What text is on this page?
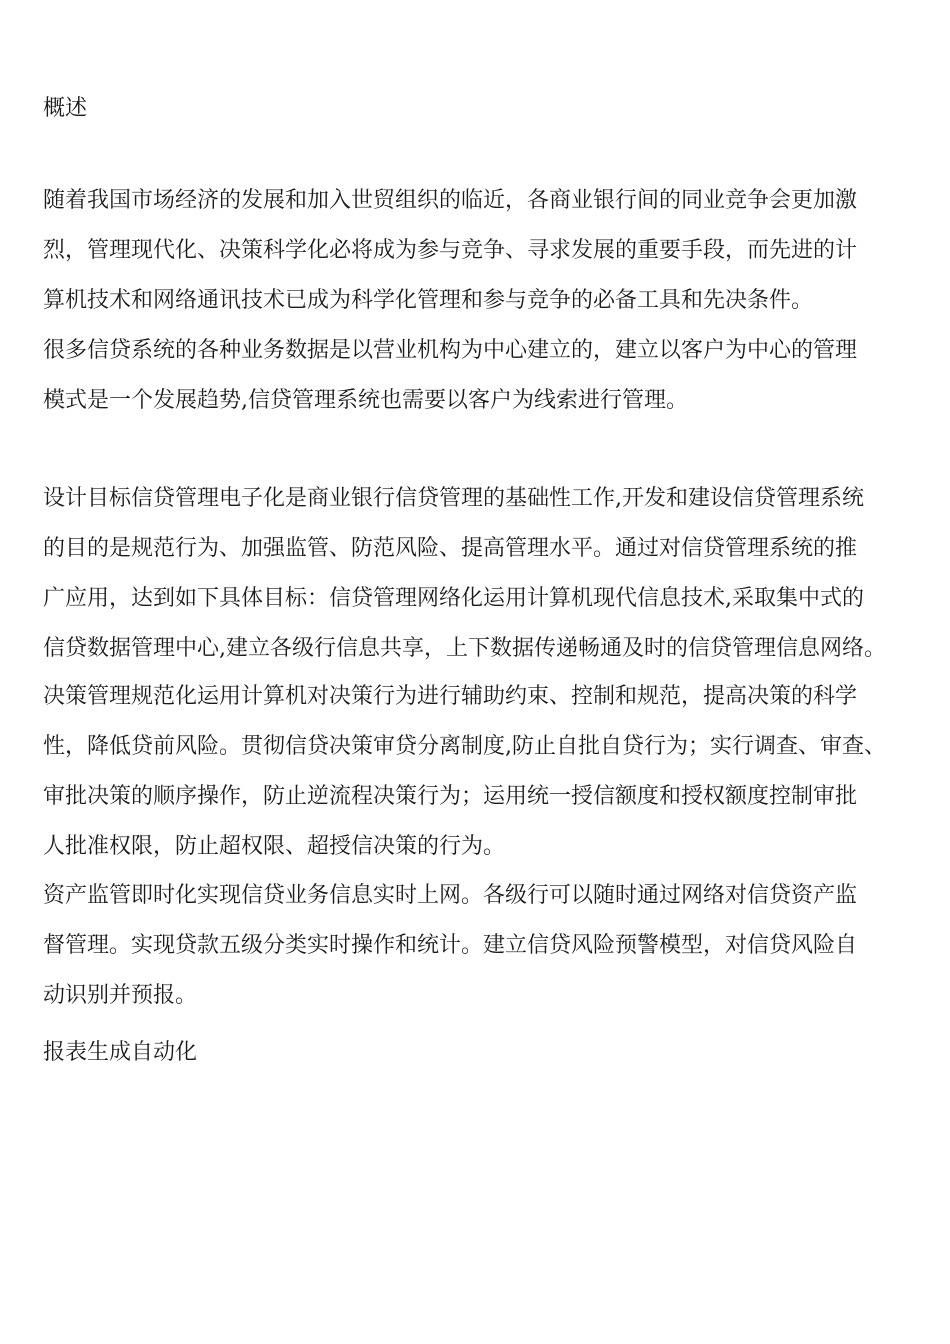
概述

随着我国市场经济的发展和加入世贸组织的临近，各商业银行间的同业竞争会更加激
烈，管理现代化、决策科学化必将成为参与竞争、寻求发展的重要手段，而先进的计
算机技术和网络通讯技术已成为科学化管理和参与竞争的必备工具和先决条件。

很多信贷系统的各种业务数据是以营业机构为中心建立的，建立以客户为中心的管理
模式是一个发展趋势,信贷管理系统也需要以客户为线索进行管理。

设计目标信贷管理电子化是商业银行信贷管理的基础性工作,开发和建设信贷管理系统
的目的是规范行为、加强监管、防范风险、提高管理水平。通过对信贷管理系统的推
广应用，达到如下具体目标：信贷管理网络化运用计算机现代信息技术,采取集中式的
信贷数据管理中心,建立各级行信息共享，上下数据传递畅通及时的信贷管理信息网络。

决策管理规范化运用计算机对决策行为进行辅助约束、控制和规范，提高决策的科学
性，降低贷前风险。贯彻信贷决策审贷分离制度,防止自批自贷行为；实行调查、审查、
审批决策的顺序操作，防止逆流程决策行为；运用统一授信额度和授权额度控制审批
人批准权限，防止超权限、超授信决策的行为。

资产监管即时化实现信贷业务信息实时上网。各级行可以随时通过网络对信贷资产监
督管理。实现贷款五级分类实时操作和统计。建立信贷风险预警模型，对信贷风险自
动识别并预报。

报表生成自动化
